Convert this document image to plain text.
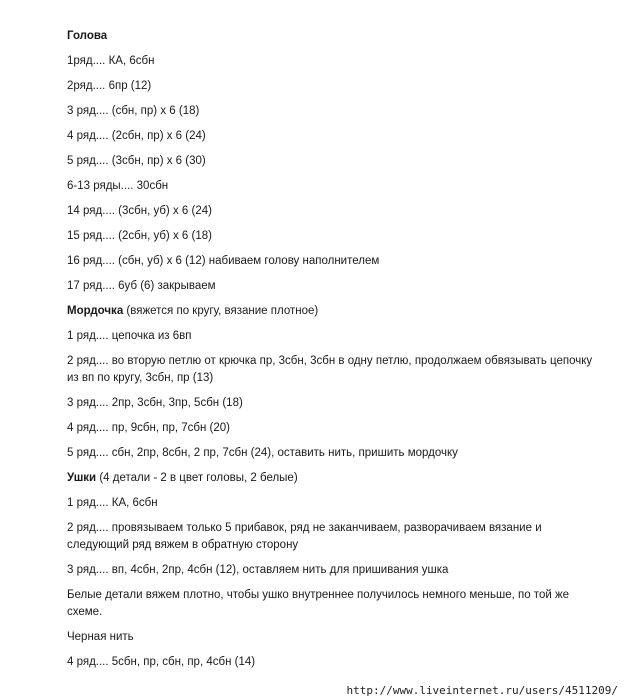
Голова
1ряд.... КА, 6сбн
2ряд.... 6пр (12)
3 ряд.... (сбн, пр) х 6 (18)
4 ряд.... (2сбн, пр) х 6 (24)
5 ряд.... (3сбн, пр) х 6 (30)
6-13 ряды.... 30сбн
14 ряд.... (3сбн, уб) х 6 (24)
15 ряд.... (2сбн, уб) х 6 (18)
16 ряд.... (сбн, уб) х 6 (12) набиваем голову наполнителем
17 ряд.... 6уб (6) закрываем
Мордочка (вяжется по кругу, вязание плотное)
1 ряд.... цепочка из 6вп
2 ряд.... во вторую петлю от крючка пр, 3сбн, 3сбн в одну петлю, продолжаем обвязывать цепочку из вп по кругу, 3сбн, пр (13)
3 ряд.... 2пр, 3сбн, 3пр, 5сбн (18)
4 ряд.... пр, 9сбн, пр, 7сбн (20)
5 ряд.... сбн, 2пр, 8сбн, 2 пр, 7сбн (24), оставить нить, пришить мордочку
Ушки (4 детали - 2 в цвет головы, 2 белые)
1 ряд.... КА, 6сбн
2 ряд.... провязываем только 5 прибавок, ряд не заканчиваем, разворачиваем вязание и следующий ряд вяжем в обратную сторону
3 ряд.... вп, 4сбн, 2пр, 4сбн (12), оставляем нить для пришивания ушка
Белые детали вяжем плотно, чтобы ушко внутреннее получилось немного меньше, по той же схеме.
Черная нить
4 ряд.... 5сбн, пр, сбн, пр, 4сбн (14)
http://www.liveinternet.ru/users/4511209/
